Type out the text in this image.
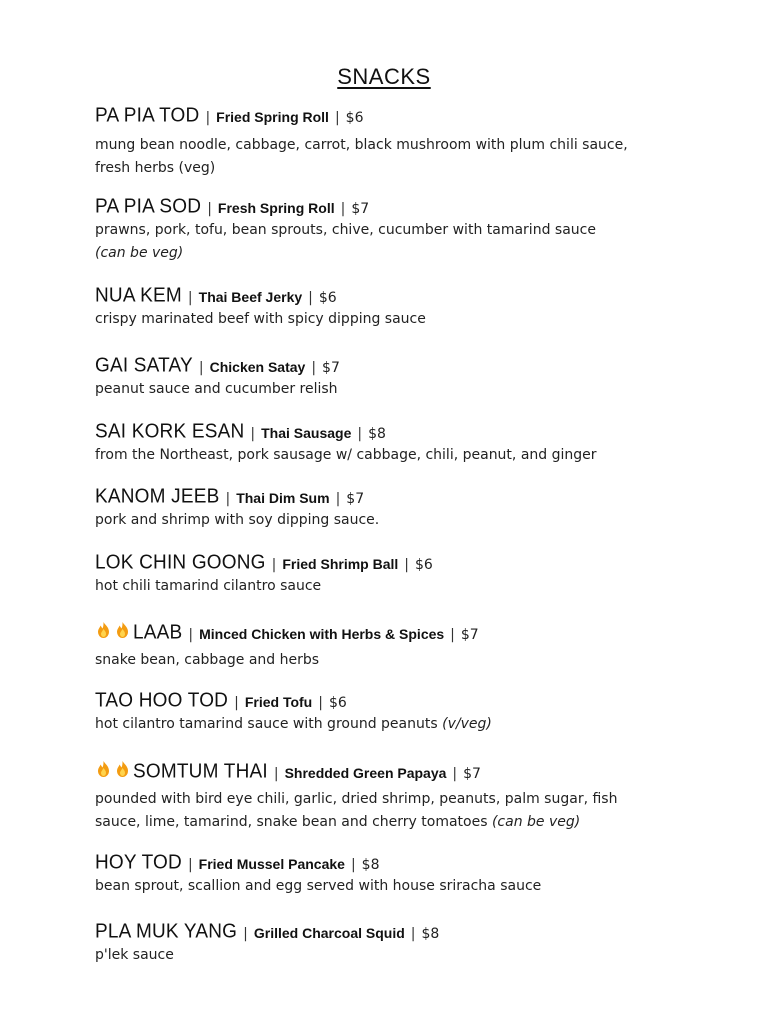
SNACKS
PA PIA TOD | Fried Spring Roll | $6
mung bean noodle, cabbage, carrot, black mushroom with plum chili sauce, fresh herbs (veg)
PA PIA SOD | Fresh Spring Roll | $7
prawns, pork, tofu, bean sprouts, chive, cucumber with tamarind sauce
(can be veg)
NUA KEM | Thai Beef Jerky | $6
crispy marinated beef with spicy dipping sauce
GAI SATAY | Chicken Satay | $7
peanut sauce and cucumber relish
SAI KORK ESAN | Thai Sausage | $8
from the Northeast, pork sausage w/ cabbage, chili, peanut, and ginger
KANOM JEEB | Thai Dim Sum | $7
pork and shrimp with soy dipping sauce.
LOK CHIN GOONG | Fried Shrimp Ball | $6
hot chili tamarind cilantro sauce
LAAB | Minced Chicken with Herbs & Spices | $7
snake bean, cabbage and herbs
TAO HOO TOD | Fried Tofu | $6
hot cilantro tamarind sauce with ground peanuts (v/veg)
SOMTUM THAI | Shredded Green Papaya | $7
pounded with bird eye chili, garlic, dried shrimp, peanuts, palm sugar, fish sauce, lime, tamarind, snake bean and cherry tomatoes (can be veg)
HOY TOD | Fried Mussel Pancake | $8
bean sprout, scallion and egg served with house sriracha sauce
PLA MUK YANG | Grilled Charcoal Squid | $8
p'lek sauce
